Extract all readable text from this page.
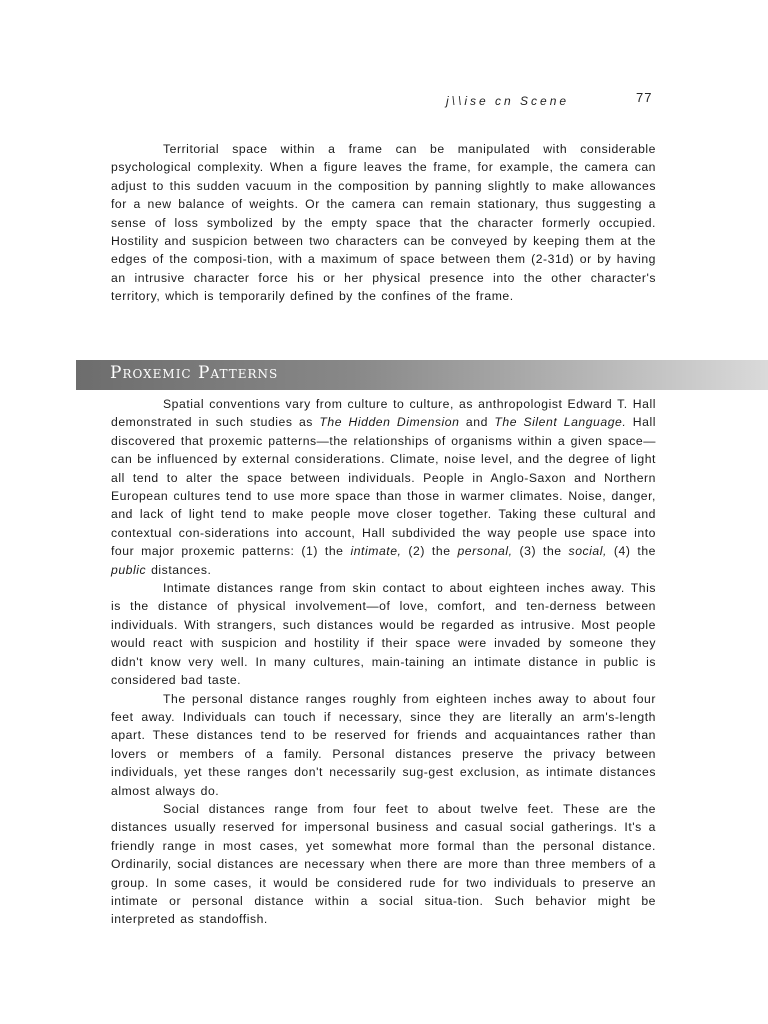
j\\ise cn Scene	77

Territorial space within a frame can be manipulated with considerable psychological complexity. When a figure leaves the frame, for example, the camera can adjust to this sudden vacuum in the composition by panning slightly to make allowances for a new balance of weights. Or the camera can remain stationary, thus suggesting a sense of loss symbolized by the empty space that the character formerly occupied. Hostility and suspicion between two characters can be conveyed by keeping them at the edges of the composi-tion, with a maximum of space between them (2-31d) or by having an intrusive character force his or her physical presence into the other character's territory, which is temporarily defined by the confines of the frame.

Proxemic Patterns

Spatial conventions vary from culture to culture, as anthropologist Edward T. Hall demonstrated in such studies as The Hidden Dimension and The Silent Language. Hall discovered that proxemic patterns—the relationships of organisms within a given space—can be influenced by external considerations. Climate, noise level, and the degree of light all tend to alter the space between individuals. People in Anglo-Saxon and Northern European cultures tend to use more space than those in warmer climates. Noise, danger, and lack of light tend to make people move closer together. Taking these cultural and contextual con-siderations into account, Hall subdivided the way people use space into four major proxemic patterns: (1) the intimate, (2) the personal, (3) the social, (4) the public distances.

Intimate distances range from skin contact to about eighteen inches away. This is the distance of physical involvement—of love, comfort, and ten-derness between individuals. With strangers, such distances would be regarded as intrusive. Most people would react with suspicion and hostility if their space were invaded by someone they didn't know very well. In many cultures, main-taining an intimate distance in public is considered bad taste.

The personal distance ranges roughly from eighteen inches away to about four feet away. Individuals can touch if necessary, since they are literally an arm's-length apart. These distances tend to be reserved for friends and acquaintances rather than lovers or members of a family. Personal distances preserve the privacy between individuals, yet these ranges don't necessarily sug-gest exclusion, as intimate distances almost always do.

Social distances range from four feet to about twelve feet. These are the distances usually reserved for impersonal business and casual social gatherings. It's a friendly range in most cases, yet somewhat more formal than the personal distance. Ordinarily, social distances are necessary when there are more than three members of a group. In some cases, it would be considered rude for two individuals to preserve an intimate or personal distance within a social situa-tion. Such behavior might be interpreted as standoffish.
